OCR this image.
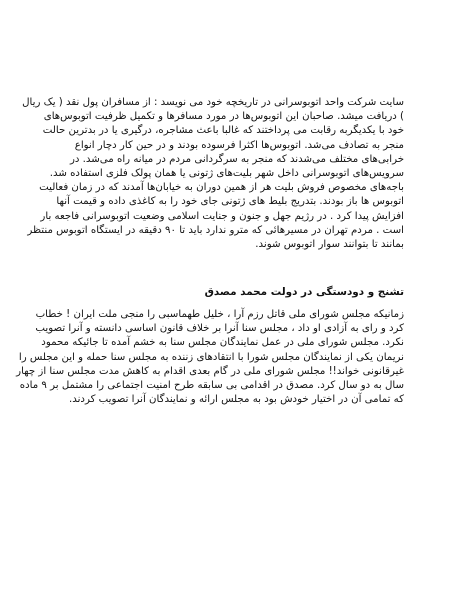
سایت شرکت واحد اتوبوسرانی در تاریخچه خود می نویسد : از مسافران پول نقد ( یک ریال
) دریافت میشد. صاحبان این اتوبوس‌ها در مورد مسافرها و تکمیل ظرفیت اتوبوس‌های
خود با یکدیگربه رقابت می پرداختند که غالبا باعث مشاجره، درگیری یا در بدترین حالت
منجر به تصادف می‌شد. اتوبوس‌ها اکثرا فرسوده بودند و در حین کار دچار انواع
خرابی‌های مختلف می‌شدند که منجر به سرگردانی مردم در میانه راه می‌شد. در
سرویس‌های اتوبوسرانی داخل شهر بلیت‌های ژتونی یا همان پولک فلزی استفاده شد.
باجه‌های مخصوص فروش بلیت هر از همین دوران به خیابان‌ها آمدند که در زمان فعالیت
اتوبوس ها باز بودند. بتدریج بلیط های ژتونی جای خود را به کاغذی داده و قیمت آنها
افزایش پیدا کرد . در رژیم جهل و جنون و جنایت اسلامی وضعیت اتوبوسرانی فاجعه بار
است . مردم تهران در مسیرهائی که مترو ندارد باید تا ۹۰ دقیقه در ایستگاه اتوبوس منتظر
بمانند تا بتوانند سوار اتوبوس شوند.
تشنج و دودستگی در دولت محمد مصدق
زمانیکه مجلس شورای ملی قاتل رزم آرا ، خلیل طهماسبی را منجی ملت ایران ! خطاب
کرد و رای به آزادی او داد ، مجلس سنا آنرا بر خلاف قانون اساسی دانسته و آنرا تصویب
نکرد. مجلس شورای ملی در عمل نمایندگان مجلس سنا به خشم آمده تا جائیکه محمود
نریمان یکی از نمایندگان مجلس شورا با انتقادهای زننده به مجلس سنا حمله و این مجلس را
غیرقانونی خواند!! مجلس شورای ملی در گام بعدی اقدام به کاهش مدت مجلس سنا از چهار
سال به دو سال کرد. مصدق در اقدامی بی سابقه طرح امنیت اجتماعی را مشتمل بر ۹ ماده
که تمامی آن در اختیار خودش بود به مجلس ارائه و نمایندگان آنرا تصویب کردند.
